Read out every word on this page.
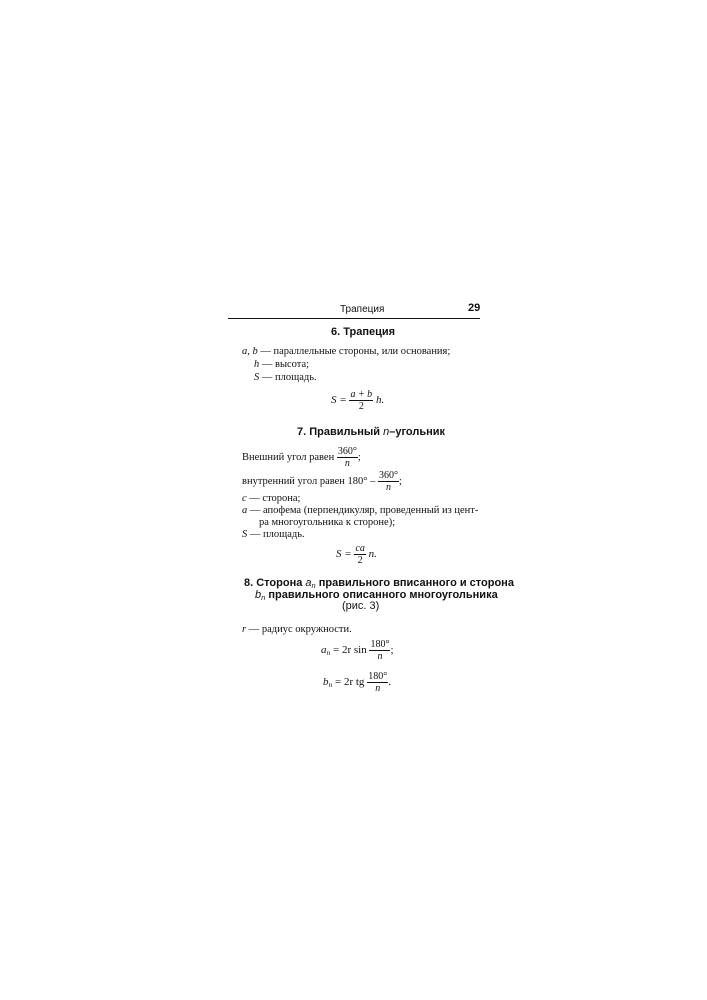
Трапеция	29
6. Трапеция
a, b — параллельные стороны, или основания;
h — высота;
S — площадь.
$S = \frac{a + b}{2} h$.
7. Правильный n–угольник
Внешний угол равен $\frac{360^\circ}{n}$ ;
внутренний угол равен $180^\circ - \frac{360^\circ}{n}$ ;
c — сторона;
a — апофема (перпендикуляр, проведенный из цент-
ра многоугольника к стороне);
S — площадь.
$S = \frac{ca}{2} n$.
8. Сторона $a_n$ правильного вписанного и сторона
$b_n$ правильного описанного многоугольника
(рис. 3)
r — радиус окружности.
$a_n = 2r$ $\sin \frac{180^\circ}{n}$ ;
$b_n = 2r$ tg $\frac{180^\circ}{n}$ .
